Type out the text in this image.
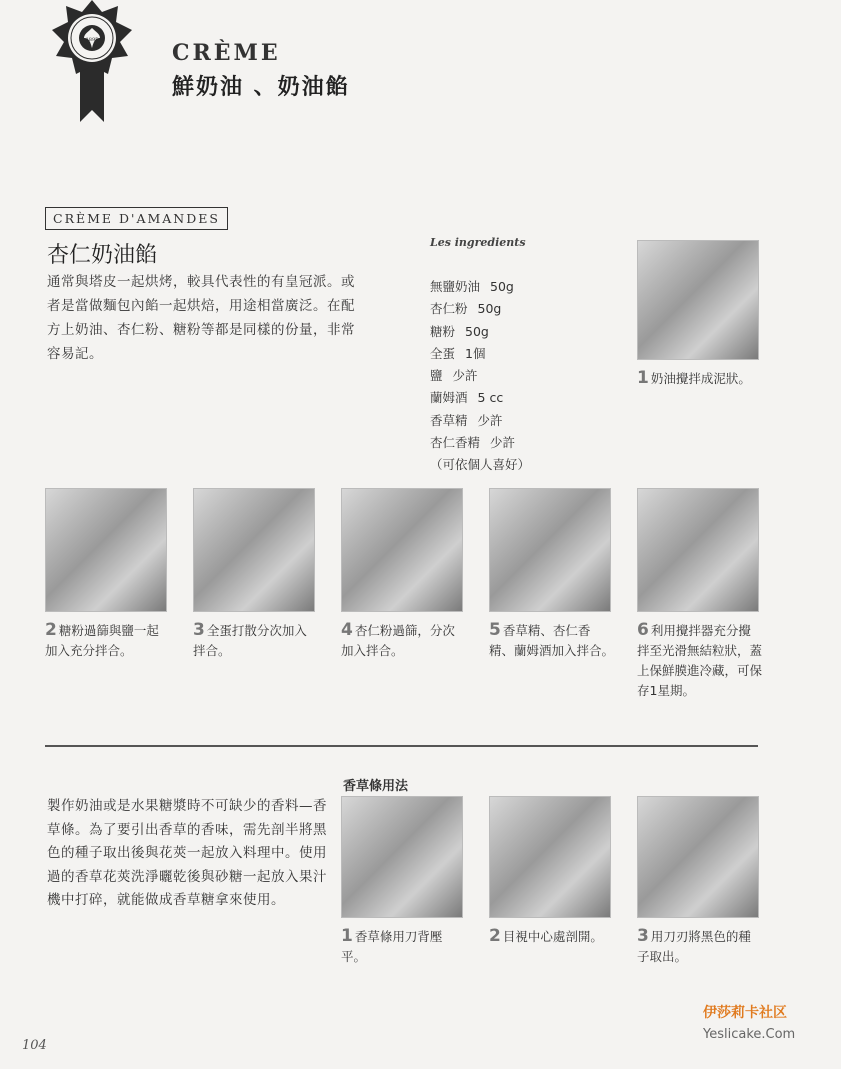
1895	CRÈME
鮮奶油 、奶油餡
CRÈME D'AMANDES
杏仁奶油餡
通常與塔皮一起烘烤，較具代表性的有皇冠派。或者是當做麵包內餡一起烘焙，用途相當廣泛。在配方上奶油、杏仁粉、糖粉等都是同樣的份量，非常容易記。
Les ingredients
無鹽奶油 50g
杏仁粉 50g
糖粉 50g
全蛋 1個
鹽 少許
蘭姆酒 5 cc
香草精 少許
杏仁香精 少許
（可依個人喜好）
1 奶油攪拌成泥狀。
2 糖粉過篩與鹽一起加入充分拌合。
3 全蛋打散分次加入拌合。
4 杏仁粉過篩，分次加入拌合。
5 香草精、杏仁香精、蘭姆酒加入拌合。
6 利用攪拌器充分攪拌至光滑無結粒狀，蓋上保鮮膜進冷藏，可保存1星期。
香草條用法
製作奶油或是水果糖漿時不可缺少的香料—香草條。為了要引出香草的香味，需先剖半將黑色的種子取出後與花莢一起放入料理中。使用過的香草花莢洗淨曬乾後與砂糖一起放入果汁機中打碎，就能做成香草糖拿來使用。
1 香草條用刀背壓平。
2 目視中心處剖開。	3 用刀刃將黑色的種子取出。
104
伊莎莉卡社区
Yeslicake.Com
